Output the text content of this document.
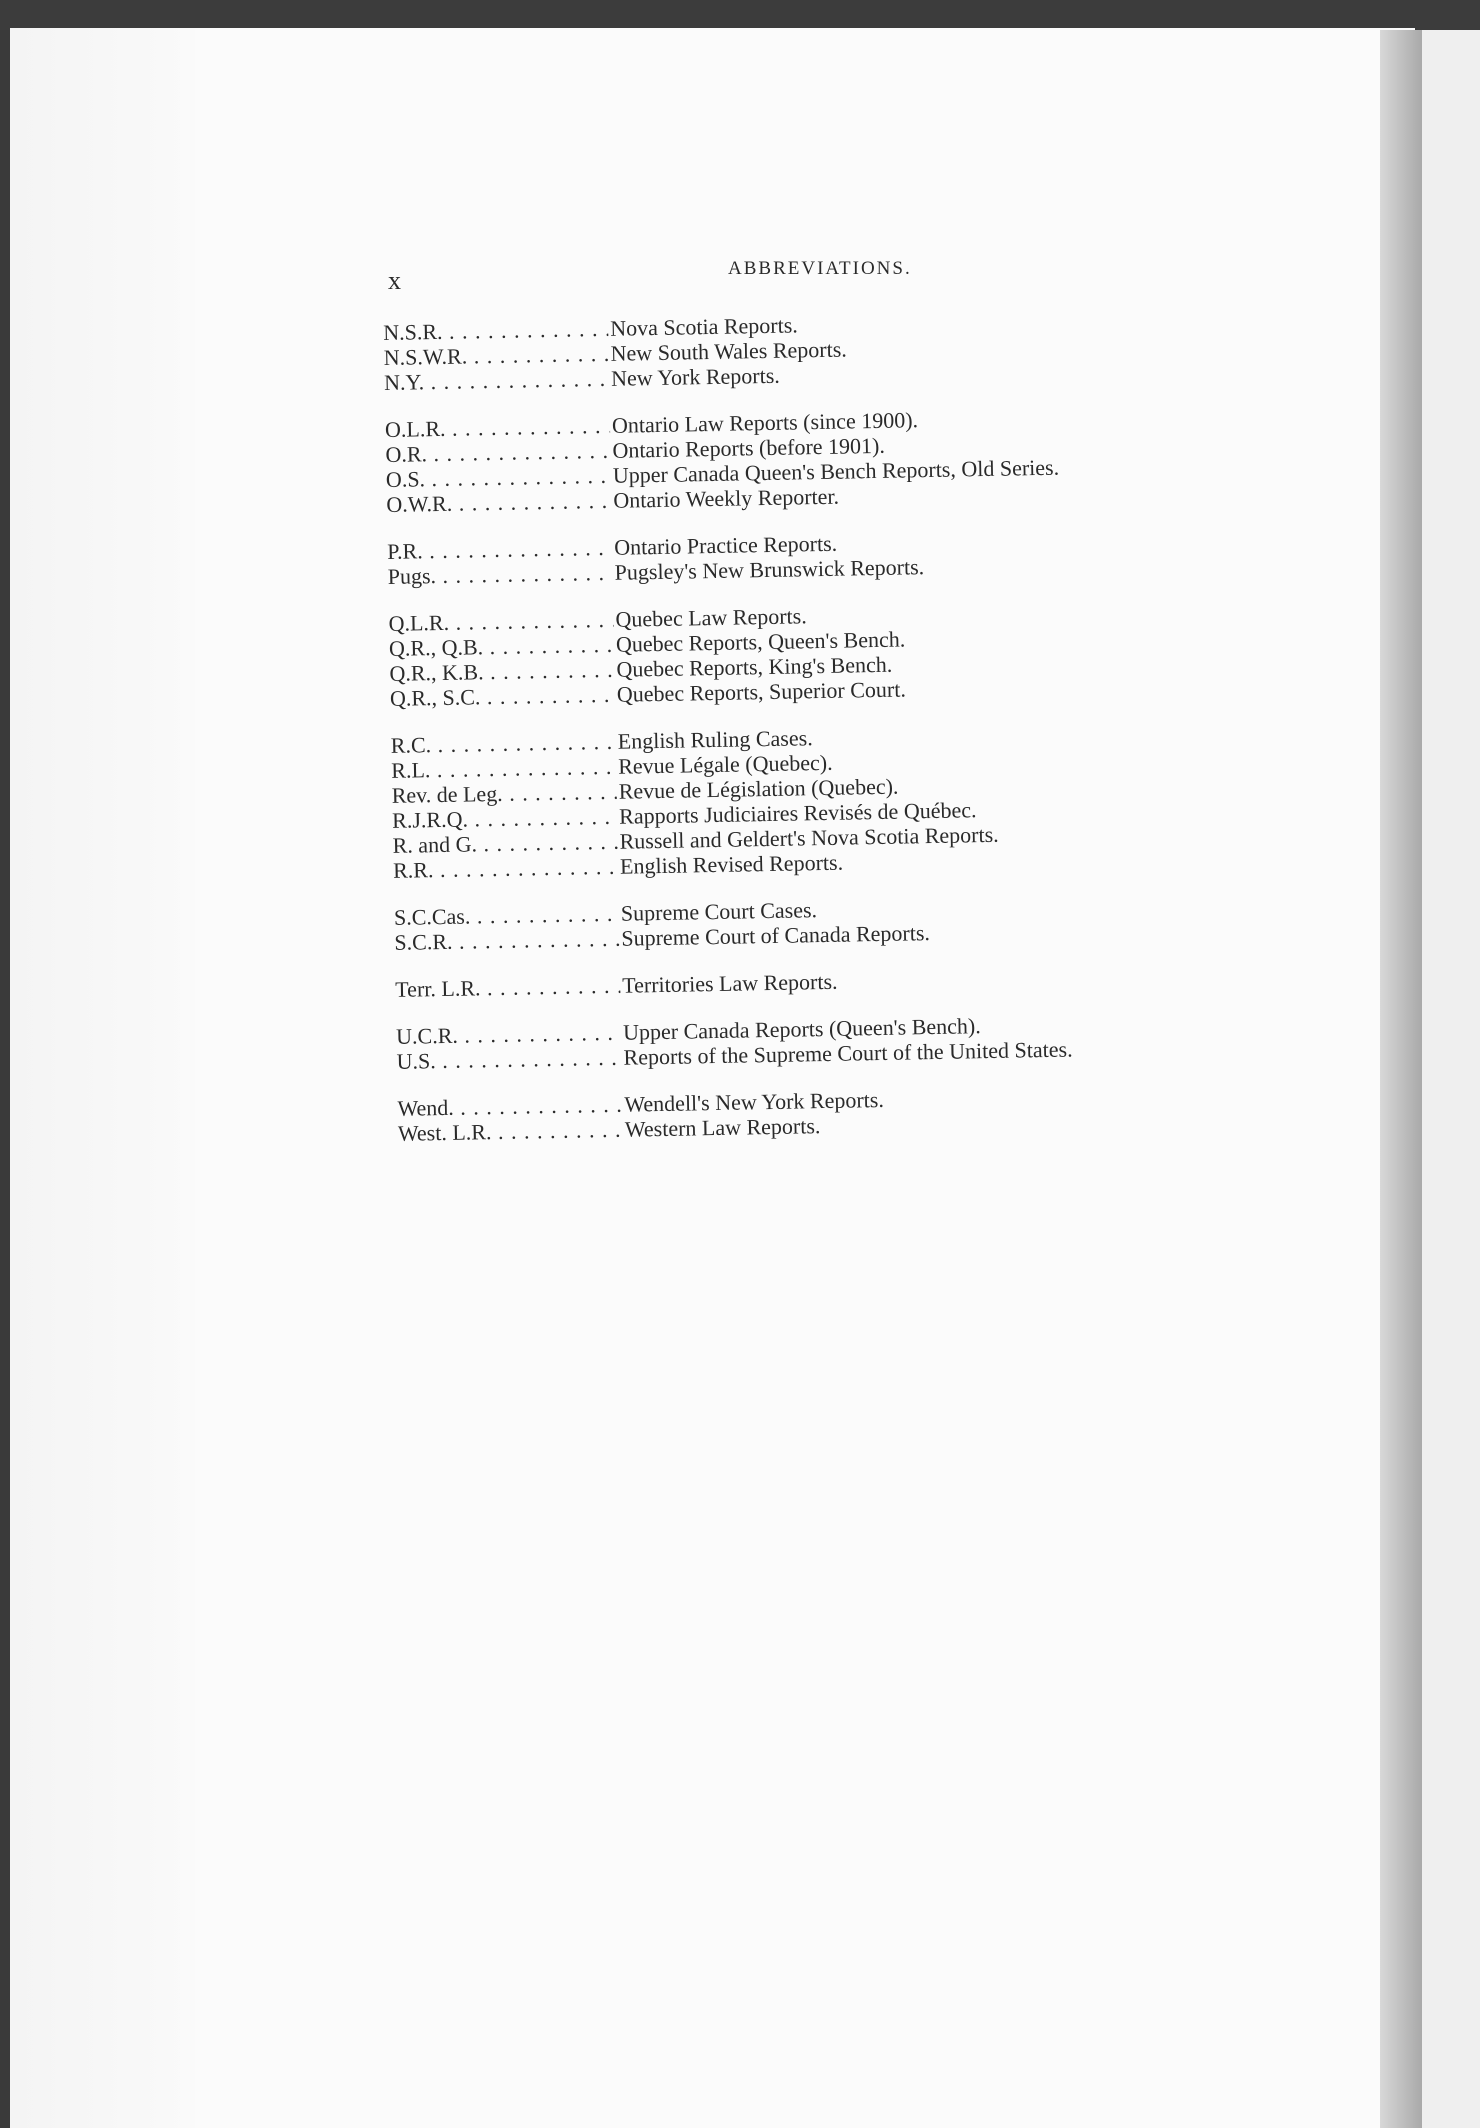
x	ABBREVIATIONS.
N.S.R. . . .	Nova Scotia Reports.
N.S.W.R. . . .	New South Wales Reports.
N.Y. . . .	New York Reports.
O.L.R. . . .	Ontario Law Reports (since 1900).
O.R. . . .	Ontario Reports (before 1901).
O.S. . . .	Upper Canada Queen's Bench Reports, Old Series.
O.W.R. . . .	Ontario Weekly Reporter.
P.R. . . .	Ontario Practice Reports.
Pugs. . . .	Pugsley's New Brunswick Reports.
Q.L.R. . . .	Quebec Law Reports.
Q.R., Q.B. . . .	Quebec Reports, Queen's Bench.
Q.R., K.B. . . .	Quebec Reports, King's Bench.
Q.R., S.C. . . .	Quebec Reports, Superior Court.
R.C. . . .	English Ruling Cases.
R.L. . . .	Revue Légale (Quebec).
Rev. de Leg. . . .	Revue de Législation (Quebec).
R.J.R.Q. . . .	Rapports Judiciaires Revisés de Québec.
R. and G. . . .	Russell and Geldert's Nova Scotia Reports.
R.R. . . .	English Revised Reports.
S.C.Cas. . . .	Supreme Court Cases.
S.C.R. . . .	Supreme Court of Canada Reports.
Terr. L.R. . . .	Territories Law Reports.
U.C.R. . . .	Upper Canada Reports (Queen's Bench).
U.S. . . .	Reports of the Supreme Court of the United States.
Wend. . . .	Wendell's New York Reports.
West. L.R. . . .	Western Law Reports.
